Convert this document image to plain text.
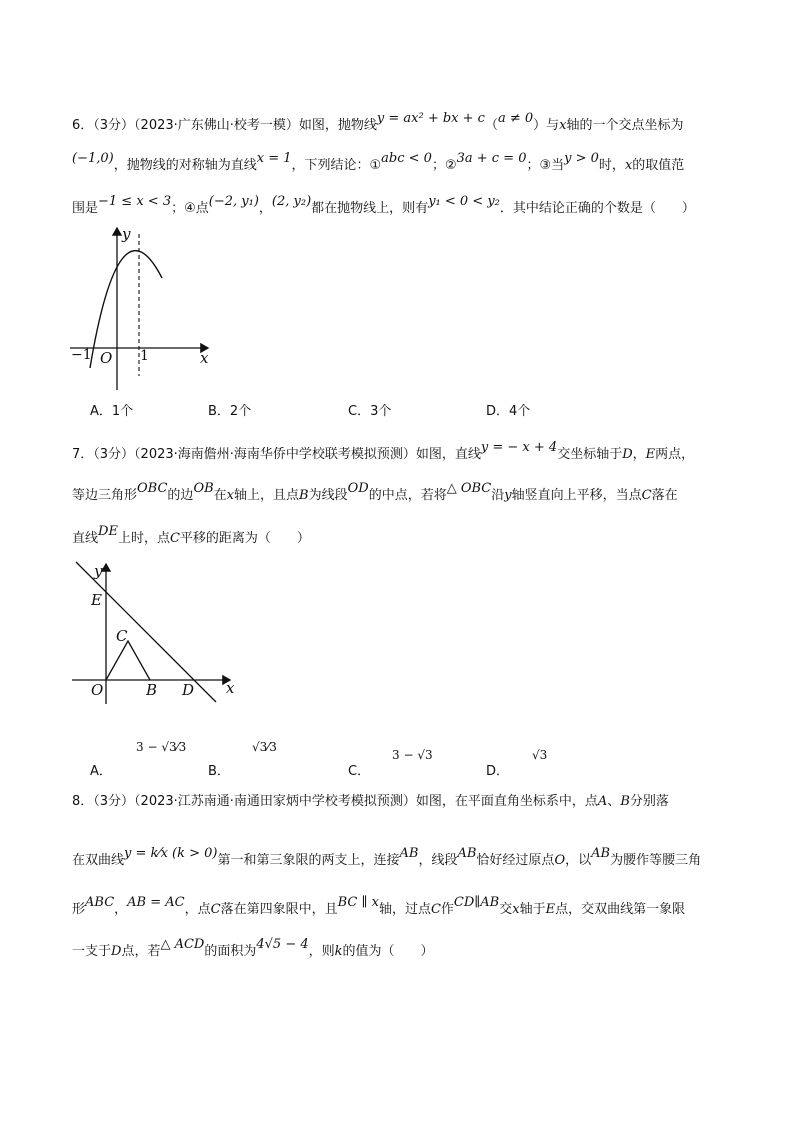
6．（3分）（2023·广东佛山·校考一模）如图，抛物线y = ax² + bx + c（a ≠ 0）与x轴的一个交点坐标为
(−1,0)，抛物线的对称轴为直线x = 1，下列结论：①abc < 0；②3a + c = 0；③当y > 0时，x的取值范
围是−1 ≤ x < 3；④点(−2, y₁)，(2, y₂)都在抛物线上，则有y₁ < 0 < y₂．其中结论正确的个数是（　　）
y
x
O
−1	1
A．1个	B．2个	C．3个	D．4个
7．（3分）（2023·海南儋州·海南华侨中学校联考模拟预测）如图，直线y = − x + 4交坐标轴于D，E两点，
等边三角形OBC的边OB在x轴上，且点B为线段OD的中点，若将△ OBC沿y轴竖直向上平移，当点C落在
直线DE上时，点C平移的距离为（　　）
y
x
E
C
O	B D
A．
3 − √3⁄3
B．
√3⁄3
C．
3 − √3
D．
√3
8．（3分）（2023·江苏南通·南通田家炳中学校考模拟预测）如图，在平面直角坐标系中，点A、B分别落
在双曲线y = k⁄x (k > 0)第一和第三象限的两支上，连接AB，线段AB恰好经过原点O，以AB为腰作等腰三角
形ABC，AB = AC，点C落在第四象限中，且BC ∥ x轴，过点C作CD∥AB交x轴于E点，交双曲线第一象限
一支于D点，若△ ACD的面积为4√5 − 4，则k的值为（　　）
